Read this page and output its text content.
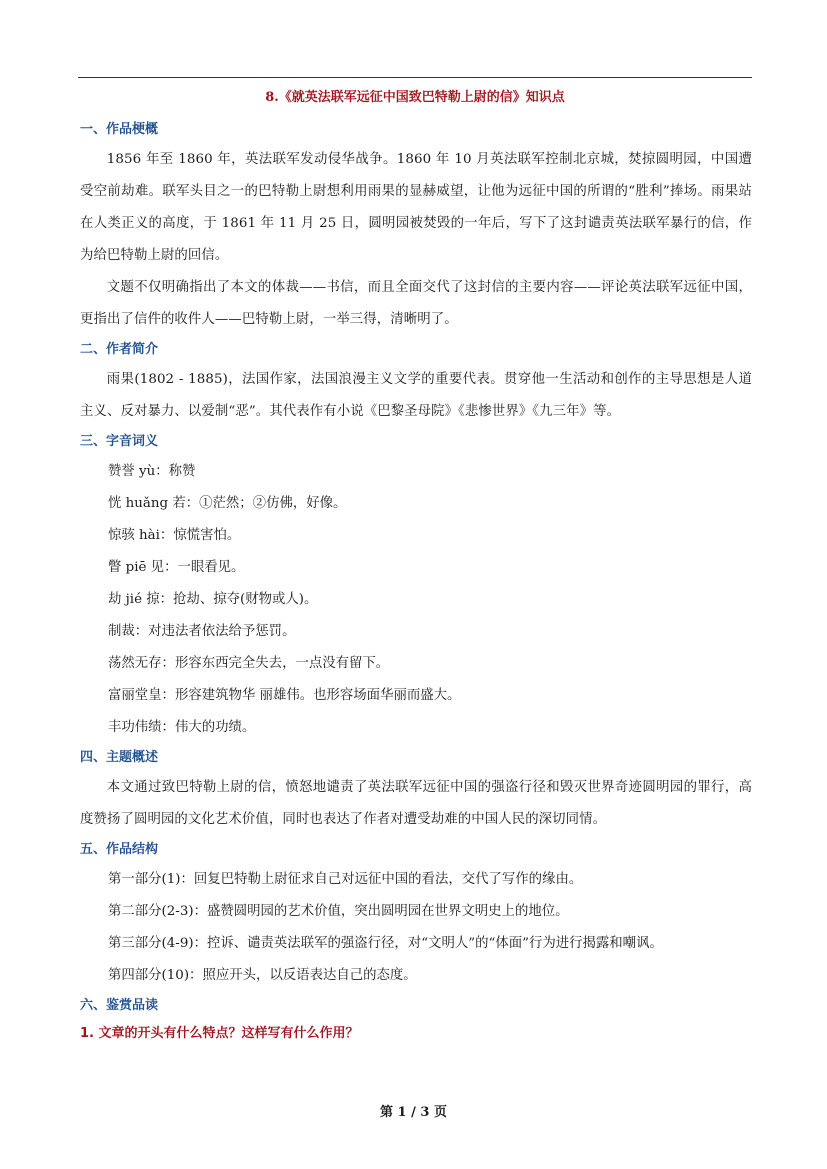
8.《就英法联军远征中国致巴特勒上尉的信》知识点
一、作品梗概

1856 年至 1860 年，英法联军发动侵华战争。1860 年 10 月英法联军控制北京城，焚掠圆明园，中国遭受空前劫难。联军头目之一的巴特勒上尉想利用雨果的显赫威望，让他为远征中国的所谓的“胜利”捧场。雨果站在人类正义的高度，于 1861 年 11 月 25 日，圆明园被焚毁的一年后，写下了这封谴责英法联军暴行的信，作为给巴特勒上尉的回信。

文题不仅明确指出了本文的体裁——书信，而且全面交代了这封信的主要内容——评论英法联军远征中国，更指出了信件的收件人——巴特勒上尉，一举三得，清晰明了。

二、作者简介

雨果(1802 - 1885)，法国作家，法国浪漫主义文学的重要代表。贯穿他一生活动和创作的主导思想是人道主义、反对暴力、以爱制“恶”。其代表作有小说《巴黎圣母院》《悲惨世界》《九三年》等。

三、字音词义

赞誉 yù：称赞

恍 huǎng 若：①茫然；②仿佛，好像。

惊骇 hài：惊慌害怕。

瞥 piē 见：一眼看见。

劫 jié 掠：抢劫、掠夺(财物或人)。

制裁：对违法者依法给予惩罚。

荡然无存：形容东西完全失去，一点没有留下。

富丽堂皇：形容建筑物华 丽雄伟。也形容场面华丽而盛大。

丰功伟绩：伟大的功绩。

四、主题概述

本文通过致巴特勒上尉的信，愤怒地谴责了英法联军远征中国的强盗行径和毁灭世界奇迹圆明园的罪行，高度赞扬了圆明园的文化艺术价值，同时也表达了作者对遭受劫难的中国人民的深切同情。

五、作品结构

第一部分(1)：回复巴特勒上尉征求自己对远征中国的看法，交代了写作的缘由。

第二部分(2-3)：盛赞圆明园的艺术价值，突出圆明园在世界文明史上的地位。

第三部分(4-9)：控诉、谴责英法联军的强盗行径，对“文明人”的“体面”行为进行揭露和嘲讽。

第四部分(10)：照应开头，以反语表达自己的态度。

六、鉴赏品读
1. 文章的开头有什么特点？这样写有什么作用？
第 1 / 3 页
